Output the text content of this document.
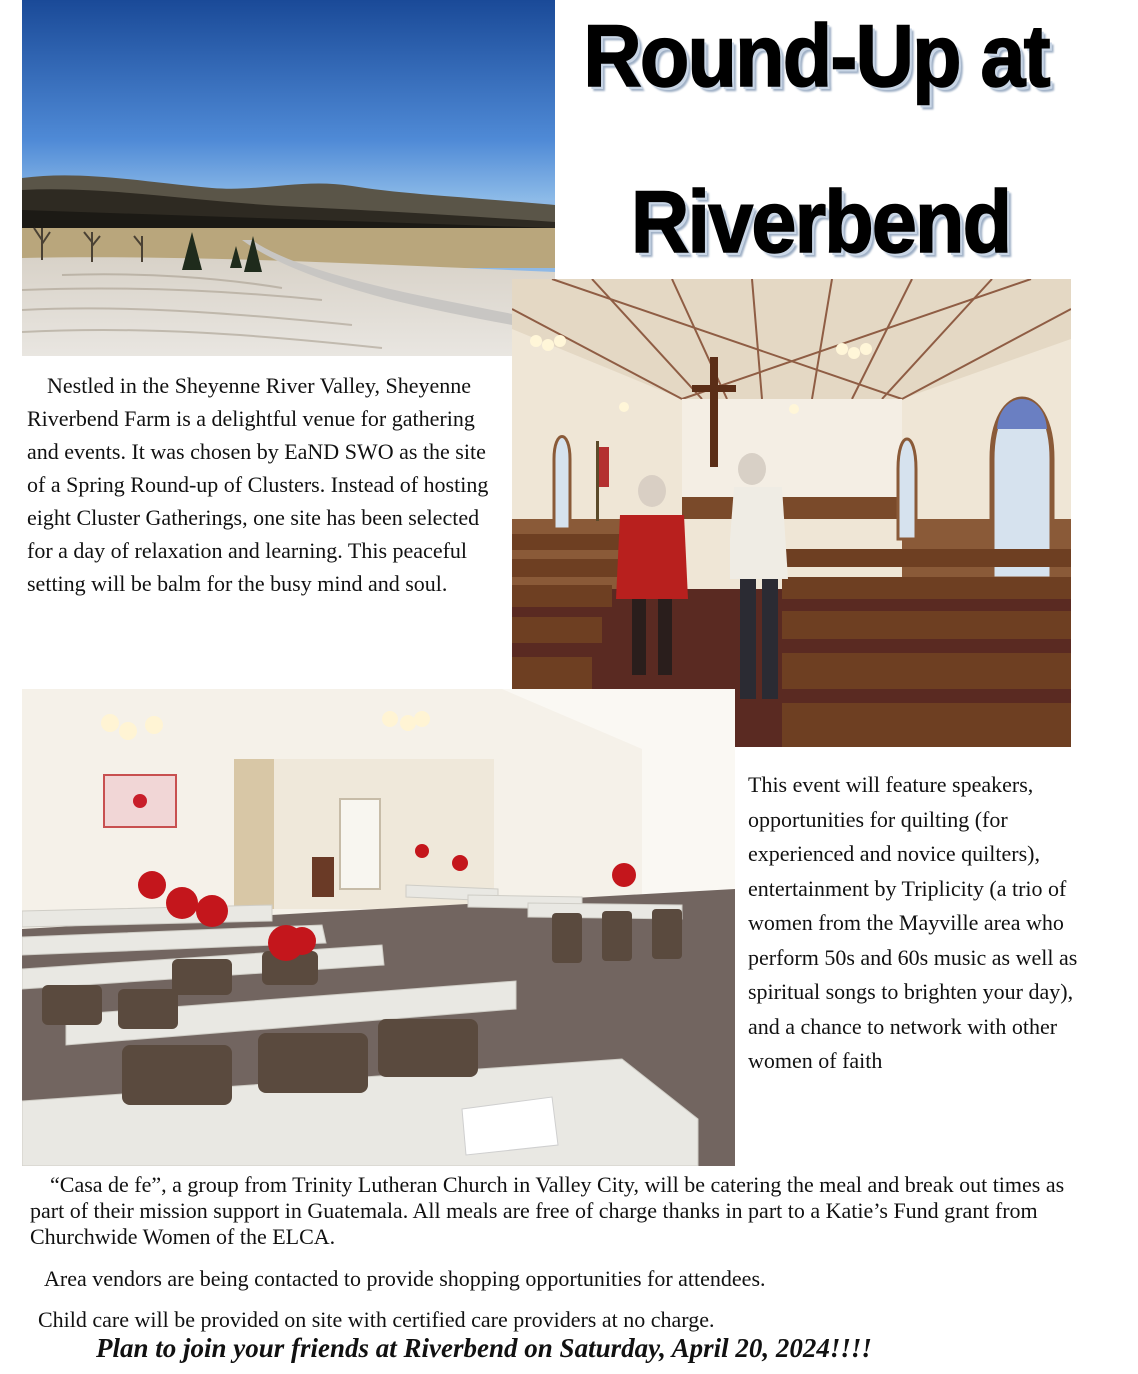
Round-Up at
Riverbend
Nestled in the Sheyenne River Valley, Sheyenne Riverbend Farm is a delightful venue for gathering and events. It was chosen by EaND SWO as the site of a Spring Round-up of Clusters. Instead of hosting eight Cluster Gatherings, one site has been selected for a day of relaxation and learning. This peaceful setting will be balm for the busy mind and soul.
This event will feature speakers, opportunities for quilting (for experienced and novice quilters), entertainment by Triplicity (a trio of women from the Mayville area who perform 50s and 60s music as well as spiritual songs to brighten your day), and a chance to network with other women of faith
“Casa de fe”, a group from Trinity Lutheran Church in Valley City, will be catering the meal and break out times as part of their mission support in Guatemala. All meals are free of charge thanks in part to a Katie’s Fund grant from Churchwide Women of the ELCA.
Area vendors are being contacted to provide shopping opportunities for attendees.
Child care will be provided on site with certified care providers at no charge.
Plan to join your friends at Riverbend on Saturday, April 20, 2024!!!!
